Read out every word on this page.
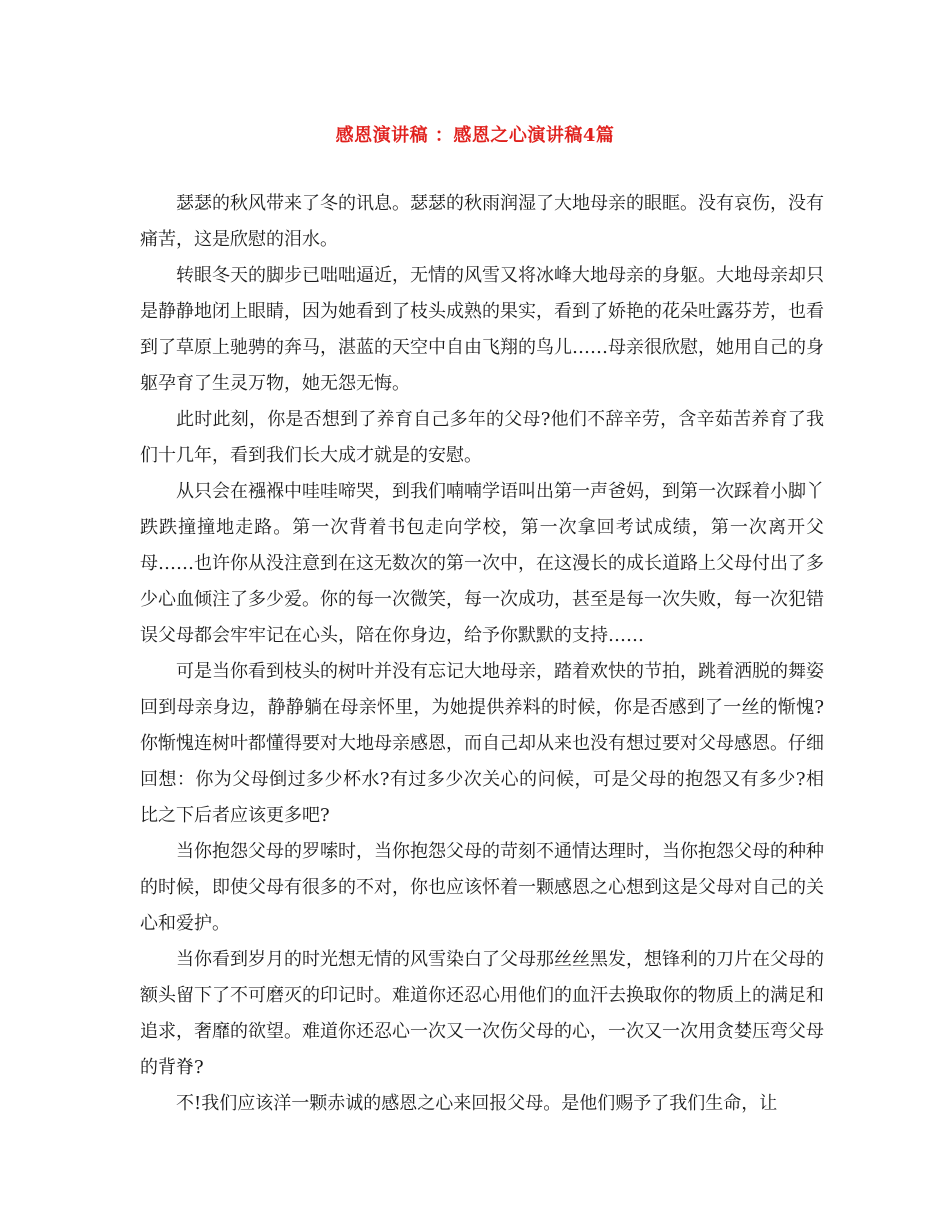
感恩演讲稿 ：感恩之心演讲稿4篇

瑟瑟的秋风带来了冬的讯息。瑟瑟的秋雨润湿了大地母亲的眼眶。没有哀伤，没有痛苦，这是欣慰的泪水。

转眼冬天的脚步已咄咄逼近，无情的风雪又将冰峰大地母亲的身躯。大地母亲却只是静静地闭上眼睛，因为她看到了枝头成熟的果实，看到了娇艳的花朵吐露芬芳，也看到了草原上驰骋的奔马，湛蓝的天空中自由飞翔的鸟儿……母亲很欣慰，她用自己的身躯孕育了生灵万物，她无怨无悔。

此时此刻，你是否想到了养育自己多年的父母?他们不辞辛劳，含辛茹苦养育了我们十几年，看到我们长大成才就是的安慰。

从只会在襁褓中哇哇啼哭，到我们喃喃学语叫出第一声爸妈，到第一次踩着小脚丫跌跌撞撞地走路。第一次背着书包走向学校，第一次拿回考试成绩，第一次离开父母……也许你从没注意到在这无数次的第一次中，在这漫长的成长道路上父母付出了多少心血倾注了多少爱。你的每一次微笑，每一次成功，甚至是每一次失败，每一次犯错误父母都会牢牢记在心头，陪在你身边，给予你默默的支持……

可是当你看到枝头的树叶并没有忘记大地母亲，踏着欢快的节拍，跳着洒脱的舞姿回到母亲身边，静静躺在母亲怀里，为她提供养料的时候，你是否感到了一丝的惭愧?你惭愧连树叶都懂得要对大地母亲感恩，而自己却从来也没有想过要对父母感恩。仔细回想：你为父母倒过多少杯水?有过多少次关心的问候，可是父母的抱怨又有多少?相比之下后者应该更多吧?

当你抱怨父母的罗嗦时，当你抱怨父母的苛刻不通情达理时，当你抱怨父母的种种的时候，即使父母有很多的不对，你也应该怀着一颗感恩之心想到这是父母对自己的关心和爱护。

当你看到岁月的时光想无情的风雪染白了父母那丝丝黑发，想锋利的刀片在父母的额头留下了不可磨灭的印记时。难道你还忍心用他们的血汗去换取你的物质上的满足和追求，奢靡的欲望。难道你还忍心一次又一次伤父母的心，一次又一次用贪婪压弯父母的背脊?

不!我们应该洋一颗赤诚的感恩之心来回报父母。是他们赐予了我们生命，让
